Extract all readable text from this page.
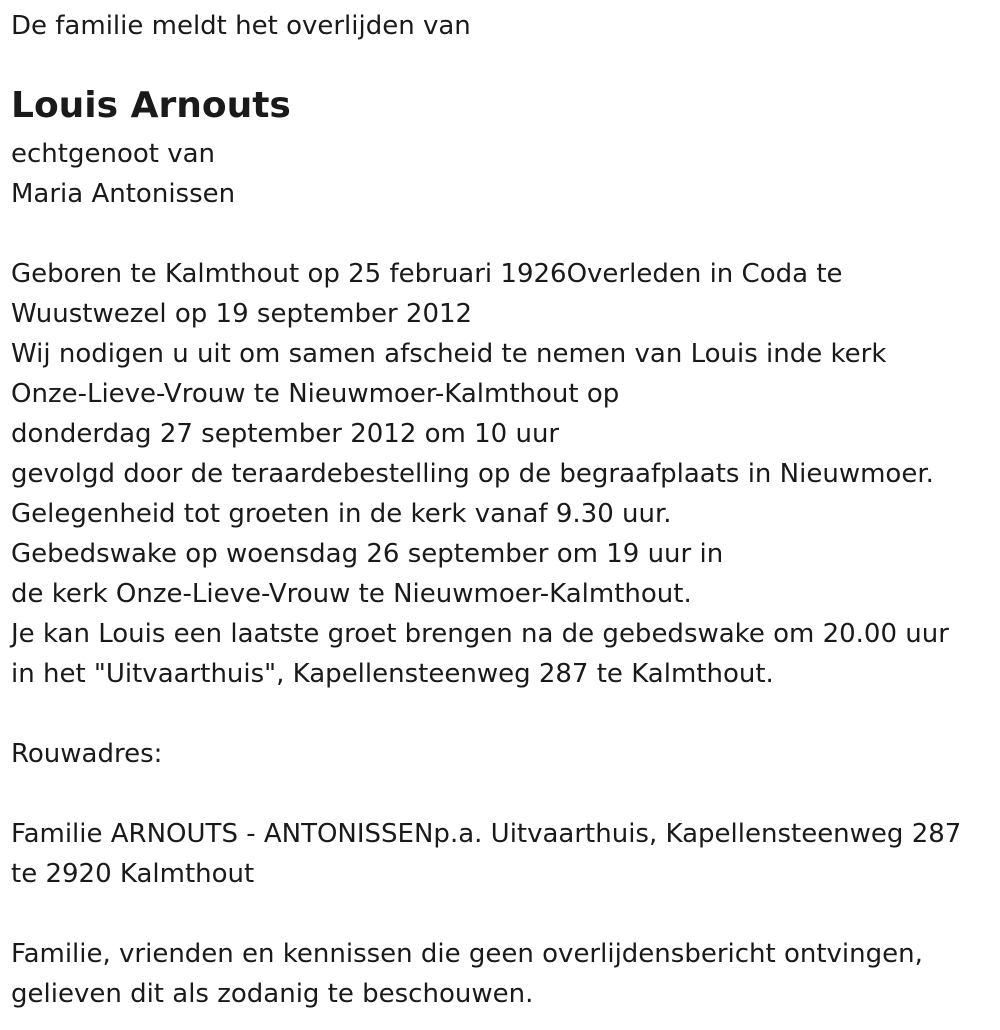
De familie meldt het overlijden van
Louis Arnouts
echtgenoot van
Maria Antonissen
Geboren te Kalmthout op 25 februari 1926Overleden in Coda te
Wuustwezel op 19 september 2012
Wij nodigen u uit om samen afscheid te nemen van Louis inde kerk
Onze-Lieve-Vrouw te Nieuwmoer-Kalmthout op
donderdag 27 september 2012 om 10 uur
gevolgd door de teraardebestelling op de begraafplaats in Nieuwmoer.
Gelegenheid tot groeten in de kerk vanaf 9.30 uur.
Gebedswake op woensdag 26 september om 19 uur in
de kerk Onze-Lieve-Vrouw te Nieuwmoer-Kalmthout.
Je kan Louis een laatste groet brengen na de gebedswake om 20.00 uur
in het "Uitvaarthuis", Kapellensteenweg 287 te Kalmthout.
Rouwadres:
Familie ARNOUTS - ANTONISSENp.a. Uitvaarthuis, Kapellensteenweg 287
te 2920 Kalmthout
Familie, vrienden en kennissen die geen overlijdensbericht ontvingen,
gelieven dit als zodanig te beschouwen.
